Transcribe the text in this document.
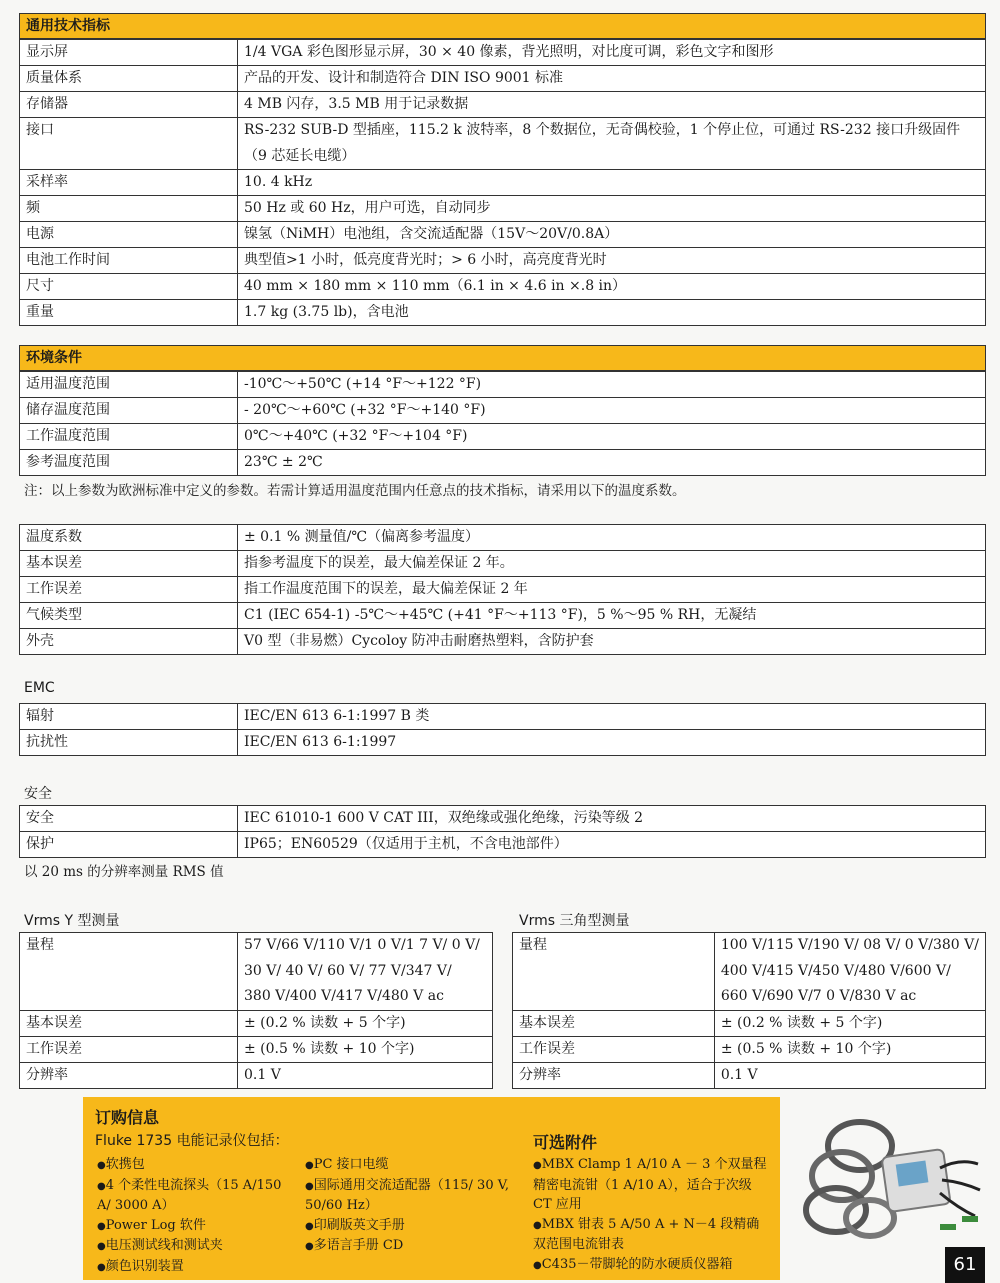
通用技术指标
显示屏	1/4 VGA 彩色图形显示屏，30 × 40 像素，背光照明，对比度可调，彩色文字和图形
质量体系	产品的开发、设计和制造符合 DIN ISO 9001 标准
存储器	4 MB 闪存，3.5 MB 用于记录数据
接口	RS-232 SUB-D 型插座，115.2 k 波特率，8 个数据位，无奇偶校验，1 个停止位，可通过 RS-232 接口升级固件（9 芯延长电缆）
采样率	10. 4 kHz
频	50 Hz 或 60 Hz，用户可选，自动同步
电源	镍氢（NiMH）电池组，含交流适配器（15V～20V/0.8A）
电池工作时间	典型值>1 小时，低亮度背光时；> 6 小时，高亮度背光时
尺寸	40 mm × 180 mm × 110 mm（6.1 in × 4.6 in ×.8 in）
重量	1.7 kg (3.75 lb)，含电池
环境条件
适用温度范围	-10℃～+50℃ (+14 °F～+122 °F)
储存温度范围	- 20℃～+60℃ (+32 °F～+140 °F)
工作温度范围	0℃～+40℃ (+32 °F～+104 °F)
参考温度范围	23℃ ± 2℃
注：以上参数为欧洲标准中定义的参数。若需计算适用温度范围内任意点的技术指标，请采用以下的温度系数。
温度系数	± 0.1 % 测量值/℃（偏离参考温度）
基本误差	指参考温度下的误差，最大偏差保证 2 年。
工作误差	指工作温度范围下的误差，最大偏差保证 2 年
气候类型	C1 (IEC 654-1) -5℃～+45℃ (+41 °F～+113 °F)，5 %～95 % RH，无凝结
外壳	V0 型（非易燃）Cycoloy 防冲击耐磨热塑料，含防护套
EMC
辐射	IEC/EN 613 6-1:1997 B 类
抗扰性	IEC/EN 613 6-1:1997
安全
安全	IEC 61010-1 600 V CAT III，双绝缘或强化绝缘，污染等级 2
保护	IP65；EN60529（仅适用于主机，不含电池部件）
以 20 ms 的分辨率测量 RMS 值
Vrms Y 型测量
量程	57 V/66 V/110 V/1 0 V/1 7 V/ 0 V/
30 V/ 40 V/ 60 V/ 77 V/347 V/
380 V/400 V/417 V/480 V ac

基本误差	± (0.2 % 读数 + 5 个字)
工作误差	± (0.5 % 读数 + 10 个字)
分辨率	0.1 V
Vrms 三角型测量
量程	100 V/115 V/190 V/ 08 V/ 0 V/380 V/
400 V/415 V/450 V/480 V/600 V/
660 V/690 V/7 0 V/830 V ac

基本误差	± (0.2 % 读数 + 5 个字)
工作误差	± (0.5 % 读数 + 10 个字)
分辨率	0.1 V
订购信息
Fluke 1735 电能记录仪包括：
●软携包
●4 个柔性电流探头（15 A/150 A/ 3000 A）
●Power Log 软件
●电压测试线和测试夹
●颜色识别装置
●PC 接口电缆
●国际通用交流适配器（115/ 30 V, 50/60 Hz）
●印刷版英文手册
●多语言手册 CD
可选附件
●MBX Clamp 1 A/10 A － 3 个双量程精密电流钳（1 A/10 A），适合于次级 CT 应用
●MBX 钳表 5 A/50 A + N－4 段精确双范围电流钳表
●C435－带脚轮的防水硬质仪器箱	61
